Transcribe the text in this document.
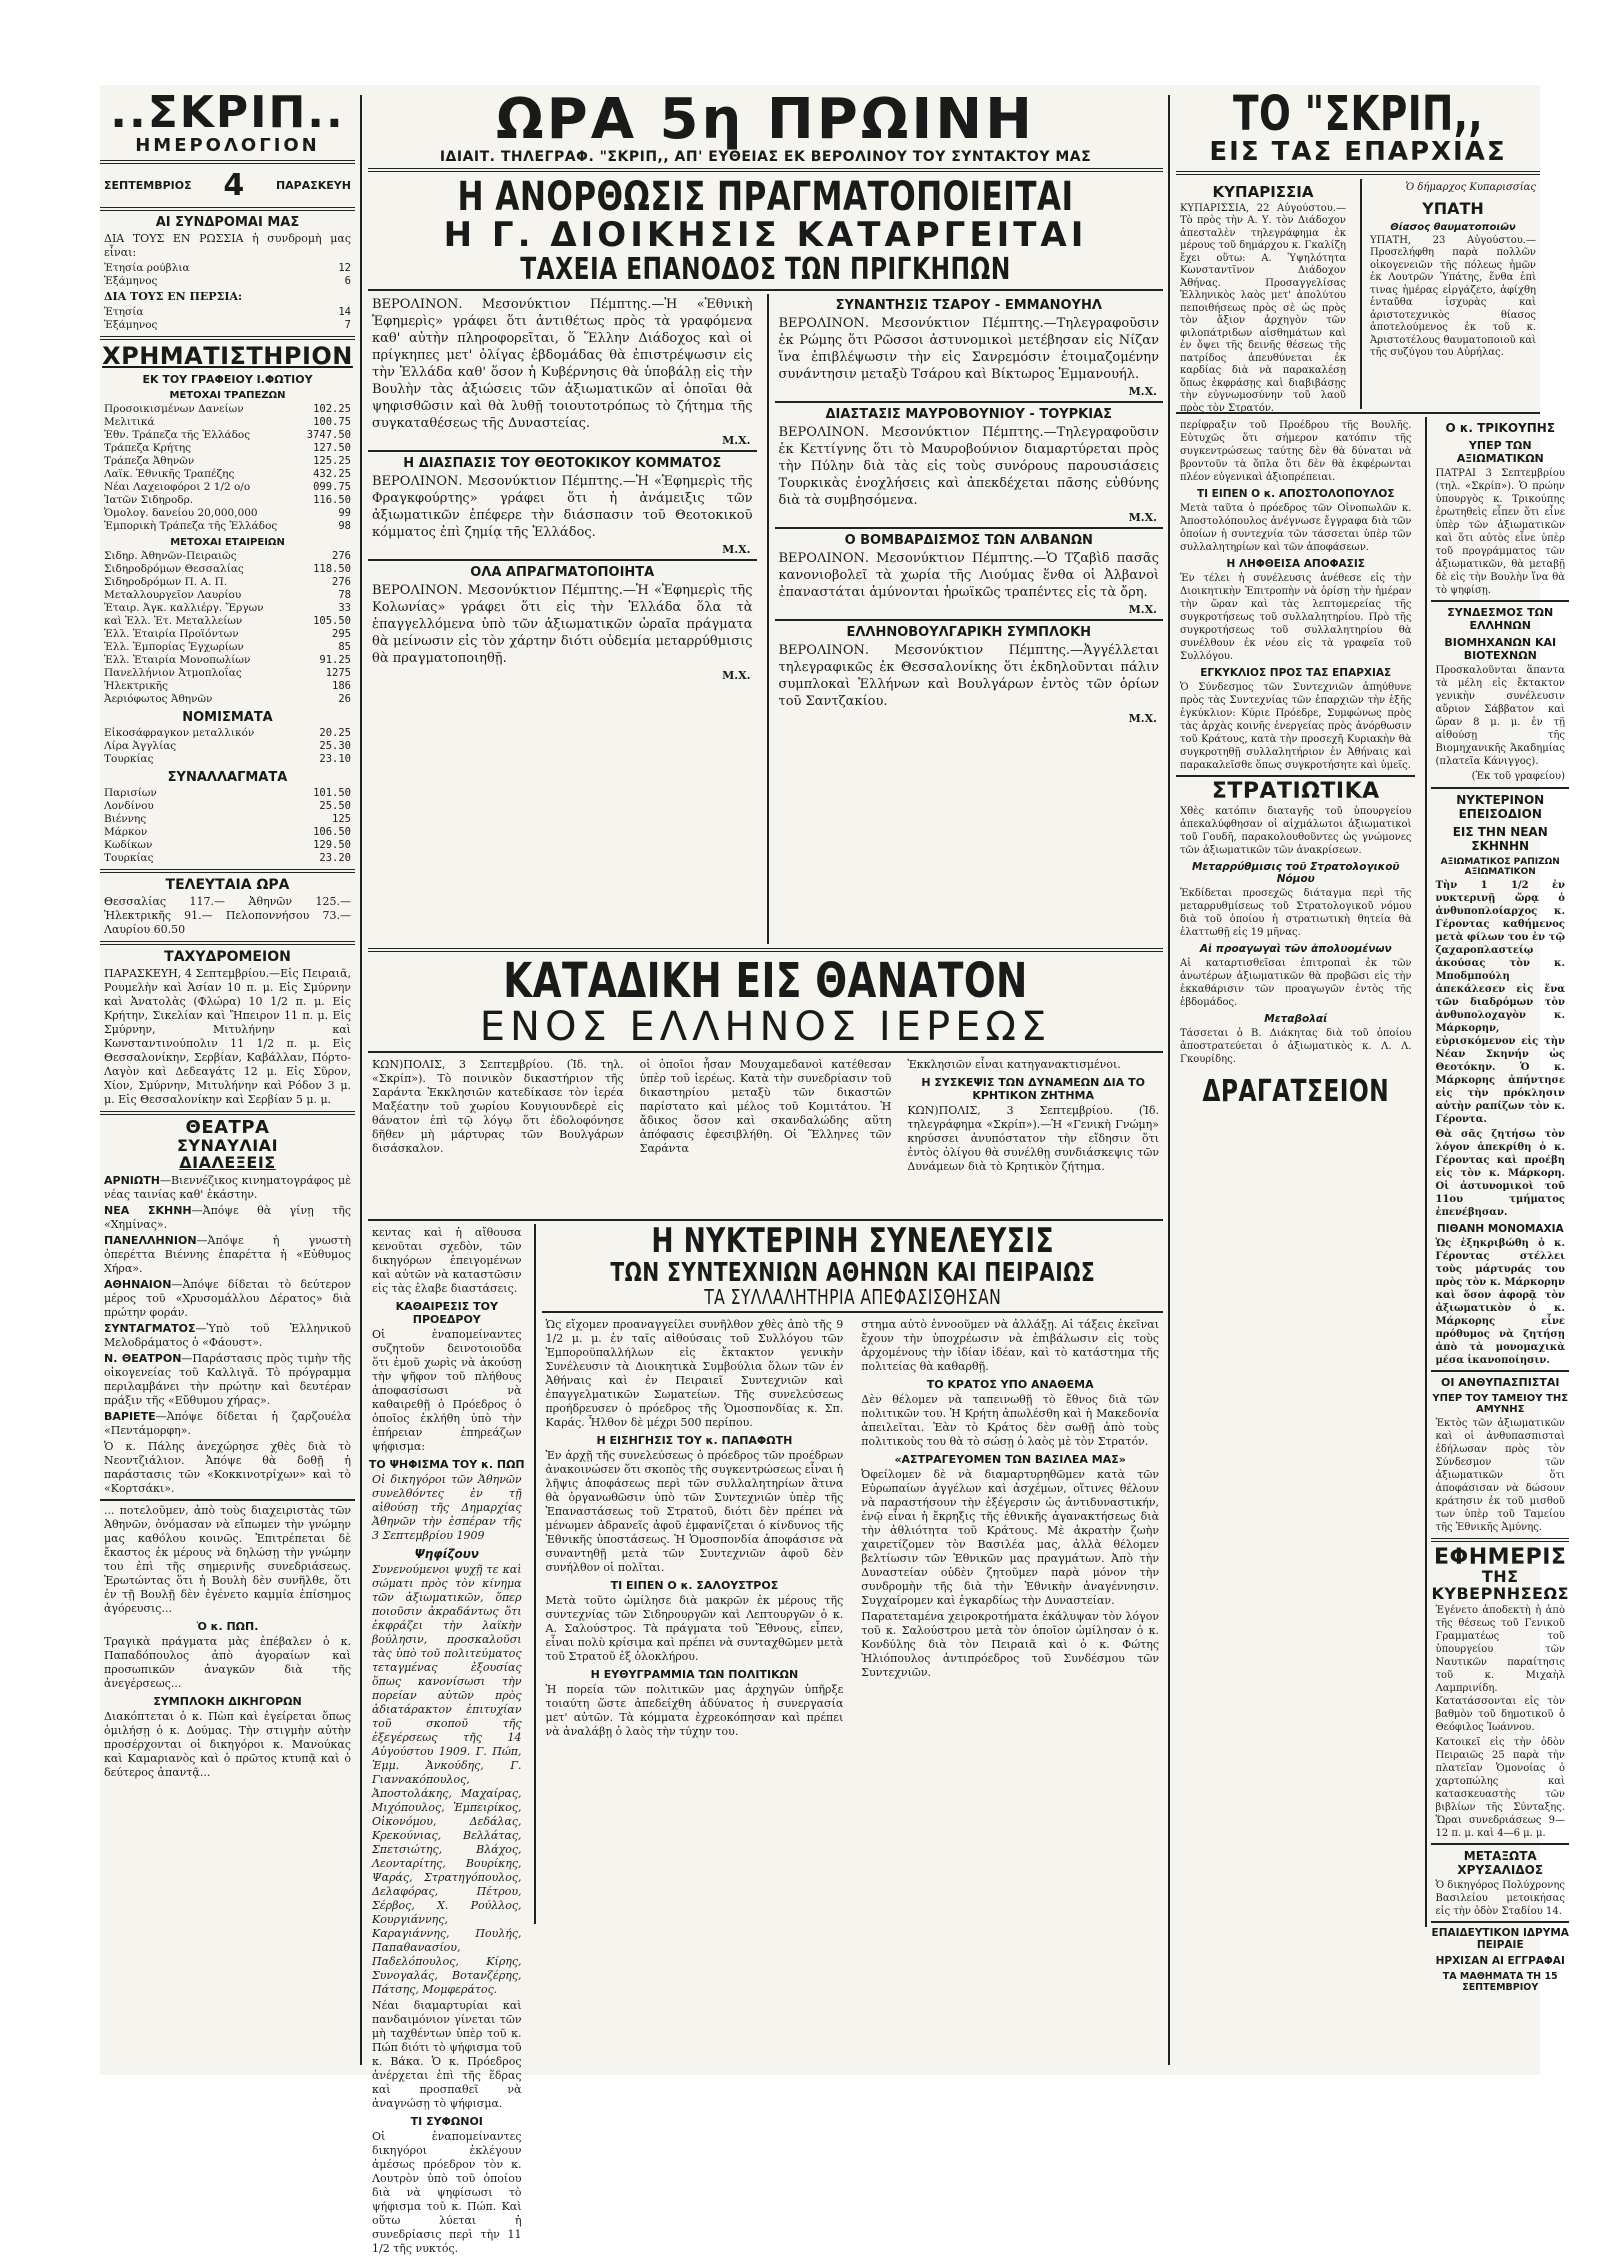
..ΣΚΡΙΠ..
ΗΜΕΡΟΛΟΓΙΟΝ
ΣΕΠΤΕΜΒΡΙΟΣ 4	ΠΑΡΑΣΚΕΥΗ
ΑΙ ΣΥΝΔΡΟΜΑΙ ΜΑΣ
ΔΙΑ ΤΟΥΣ ΕΝ ΡΩΣΣΙΑ ἡ συνδρομὴ μας εἶναι:
Ἐτησία ρούβλια	12
Ἑξάμηνος	6
ΔΙΑ ΤΟΥΣ ΕΝ ΠΕΡΣΙΑ:
Ἐτησία	14
Ἑξάμηνος	7
ΧΡΗΜΑΤΙΣΤΗΡΙΟΝ
ΕΚ ΤΟΥ ΓΡΑΦΕΙΟΥ Ι.ΦΩΤΙΟΥ
ΜΕΤΟΧΑΙ ΤΡΑΠΕΖΩΝ
Προσοικισμένων Δανείων	102.25
Μελιτικά	100.75
Ἐθν. Τράπεζα τῆς Ἑλλάδος	3747.50
Τράπεζα Κρήτης	127.50
Τράπεζα Ἀθηνῶν	125.25
Λαϊκ. Ἐθνικῆς Τραπέζης	432.25
Νέαι Λαχειοφόροι 2 1/2 ο/ο	099.75
Ἰατῶν Σιδηροδρ.	116.50
Ὁμολογ. δανείου 20,000,000	99
Ἐμπορικὴ Τράπεζα τῆς Ἑλλάδος	98
ΜΕΤΟΧΑΙ ΕΤΑΙΡΕΙΩΝ
Σιδηρ. Ἀθηνῶν-Πειραιῶς	276
Σιδηροδρόμων Θεσσαλίας	118.50
Σιδηροδρόμων Π. Α. Π.	276
Μεταλλουργεῖον Λαυρίου	78
Ἐταιρ. Ἀγκ. καλλιέργ. Ἔργων	33
καὶ Ἑλλ. Ἐτ. Μεταλλείων	105.50
Ἑλλ. Ἑταιρία Προϊόντων	295
Ἑλλ. Ἐμπορίας Ἐγχωρίων	85
Ἑλλ. Ἑταιρία Μονοπωλίων	91.25
Πανελλήνιον Ἀτμοπλοΐας	1275
Ἠλεκτρικῆς	186
Ἀεριόφωτος Ἀθηνῶν	26
ΝΟΜΙΣΜΑΤΑ
Εἰκοσάφραγκον μεταλλικόν	20.25
Λίρα Ἀγγλίας	25.30
Τουρκίας	23.10
ΣΥΝΑΛΛΑΓΜΑΤΑ
Παρισίων	101.50
Λονδίνου	25.50
Βιέννης	125
Μάρκον	106.50
Κωδίκων	129.50
Τουρκίας	23.20
ΤΕΛΕΥΤΑΙΑ ΩΡΑ
Θεσσαλίας 117.— Ἀθηνῶν 125.— Ἠλεκτρικῆς 91.— Πελοποννήσου 73.— Λαυρίου 60.50
ΤΑΧΥΔΡΟΜΕΙΟΝ
ΠΑΡΑΣΚΕΥΗ, 4 Σεπτεμβρίου.—Εἰς Πειραιᾶ, Ρουμελὴν καὶ Ἀσίαν 10 π. μ. Εἰς Σμύρνην καὶ Ἀνατολὰς (Φλώρα) 10 1/2 π. μ. Εἰς Κρήτην, Σικελίαν καὶ Ἤπειρον 11 π. μ. Εἰς Σμύρνην, Μιτυλήνην καὶ Κωνσταντινούπολιν 11 1/2 π. μ. Εἰς Θεσσαλονίκην, Σερβίαν, Καβάλλαν, Πόρτο-Λαγὸν καὶ Δεδεαγάτς 12 μ. Εἰς Σῦρον, Χίον, Σμύρνην, Μιτυλήνην καὶ Ρόδον 3 μ. μ. Εἰς Θεσσαλονίκην καὶ Σερβίαν 5 μ. μ.
ΘΕΑΤΡΑ
ΣΥΝΑΥΛΙΑΙ
ΔΙΑΛΕΞΕΙΣ

ΑΡΝΙΩΤΗ—Βιεννέζικος κινηματογράφος μὲ νέας ταινίας καθ' ἑκάστην.

ΝΕΑ ΣΚΗΝΗ—Ἀπόψε θὰ γίνῃ τῆς «Χημίνας».

ΠΑΝΕΛΛΗΝΙΟΝ—Ἀπόψε ἡ γνωστὴ ὀπερέττα Βιέννης ἐπαρέττα ἡ «Εὐθυμος Χήρα».

ΑΘΗΝΑΙΟΝ—Ἀπόψε δίδεται τὸ δεύτερον μέρος τοῦ «Χρυσομάλλου Δέρατος» διὰ πρώτην φοράν.

ΣΥΝΤΑΓΜΑΤΟΣ—Ὑπὸ τοῦ Ἑλληνικοῦ Μελοδράματος ὁ «Φάουστ».

Ν. ΘΕΑΤΡΟΝ—Παράστασις πρὸς τιμὴν τῆς οἰκογενείας τοῦ Καλλιγᾶ. Τὸ πρόγραμμα περιλαμβάνει τὴν πρώτην καὶ δευτέραν πράξιν τῆς «Εὔθυμου χήρας».

ΒΑΡΙΕΤΕ—Ἀπόψε δίδεται ἡ ζαρζουέλα «Πεντάμορφη».

Ὁ κ. Πάλης ἀνεχώρησε χθὲς διὰ τὸ Νεοντζιάλιον. Ἀπόψε θὰ δοθῇ ἡ παράστασις τῶν «Κοκκινοτρίχων» καὶ τὸ «Κορτσάκι».
... ποτελοῦμεν, ἀπὸ τοὺς διαχειριστὰς τῶν Ἀθηνῶν, ὀνόμασαν νὰ εἴπωμεν τὴν γνώμην μας καθόλου κοινῶς. Ἐπιτρέπεται δὲ ἔκαστος ἐκ μέρους νὰ δηλώσῃ τὴν γνώμην του ἐπὶ τῆς σημερινῆς συνεδριάσεως. Ἐρωτώντας ὅτι ἡ Βουλὴ δὲν συνῆλθε, ὅτι ἐν τῇ Βουλῇ δὲν ἐγένετο καμμία ἐπίσημος ἀγόρευσις...
Ὁ κ. ΠΩΠ.
Τραγικὰ πράγματα μὰς ἐπέβαλεν ὁ κ. Παπαδόπουλος ἀπὸ ἀγοραίων καὶ προσωπικῶν ἀναγκῶν διὰ τῆς ἀνεγέρσεως...
ΣΥΜΠΛΟΚΗ ΔΙΚΗΓΟΡΩΝ
Διακόπτεται ὁ κ. Πὼπ καὶ ἐγείρεται ὅπως ὁμιλήσῃ ὁ κ. Δούμας. Τὴν στιγμὴν αὐτὴν προσέρχονται οἱ δικηγόροι κ. Μανούκας καὶ Καμαριανὸς καὶ ὁ πρῶτος κτυπᾷ καὶ ὁ δεύτερος ἀπαντᾷ...
ΩΡΑ 5η ΠΡΩΙΝΗ
ΙΔΙΑΙΤ. ΤΗΛΕΓΡΑΦ. "ΣΚΡΙΠ,, ΑΠ' ΕΥΘΕΙΑΣ ΕΚ ΒΕΡΟΛΙΝΟΥ ΤΟΥ ΣΥΝΤΑΚΤΟΥ ΜΑΣ
Η ΑΝΟΡΘΩΣΙΣ ΠΡΑΓΜΑΤΟΠΟΙΕΙΤΑΙ
Η Γ. ΔΙΟΙΚΗΣΙΣ ΚΑΤΑΡΓΕΙΤΑΙ
ΤΑΧΕΙΑ ΕΠΑΝΟΔΟΣ ΤΩΝ ΠΡΙΓΚΗΠΩΝ
ΒΕΡΟΛΙΝΟΝ. Μεσονύκτιον Πέμπτης.—Ἡ «Ἐθνικὴ Ἐφημερὶς» γράφει ὅτι ἀντιθέτως πρὸς τὰ γραφόμενα καθ' αὐτὴν πληροφορεῖται, ὅ Ἕλλην Διάδοχος καὶ οἱ πρίγκηπες μετ' ὀλίγας ἑβδομάδας θὰ ἐπιστρέψωσιν εἰς τὴν Ἑλλάδα καθ' ὅσον ἡ Κυβέρνησις θὰ ὑποβάλῃ εἰς τὴν Βουλὴν τὰς ἀξιώσεις τῶν ἀξιωματικῶν αἱ ὁποῖαι θὰ ψηφισθῶσιν καὶ θὰ λυθῇ τοιουτοτρόπως τὸ ζήτημα τῆς συγκαταθέσεως τῆς Δυναστείας.
Μ.Χ.
Η ΔΙΑΣΠΑΣΙΣ ΤΟΥ ΘΕΟΤΟΚΙΚΟΥ ΚΟΜΜΑΤΟΣ
ΒΕΡΟΛΙΝΟΝ. Μεσονύκτιον Πέμπτης.—Ἡ «Ἐφημερὶς τῆς Φραγκφούρτης» γράφει ὅτι ἡ ἀνάμειξις τῶν ἀξιωματικῶν ἐπέφερε τὴν διάσπασιν τοῦ Θεοτοκικοῦ κόμματος ἐπὶ ζημίᾳ τῆς Ἑλλάδος.
Μ.Χ.
ΟΛΑ ΑΠΡΑΓΜΑΤΟΠΟΙΗΤΑ
ΒΕΡΟΛΙΝΟΝ. Μεσονύκτιον Πέμπτης.—Ἡ «Ἐφημερὶς τῆς Κολωνίας» γράφει ὅτι εἰς τὴν Ἑλλάδα ὅλα τὰ ἐπαγγελλόμενα ὑπὸ τῶν ἀξιωματικῶν ὡραῖα πράγματα θὰ μείνωσιν εἰς τὸν χάρτην διότι οὐδεμία μεταρρύθμισις θὰ πραγματοποιηθῇ.
Μ.Χ.
ΣΥΝΑΝΤΗΣΙΣ ΤΣΑΡΟΥ - ΕΜΜΑΝΟΥΗΛ
ΒΕΡΟΛΙΝΟΝ. Μεσονύκτιον Πέμπτης.—Τηλεγραφοῦσιν ἐκ Ρώμης ὅτι Ρῶσσοι ἀστυνομικοὶ μετέβησαν εἰς Νίζαν ἵνα ἐπιβλέψωσιν τὴν εἰς Σανρεμόσιν ἑτοιμαζομένην συνάντησιν μεταξὺ Τσάρου καὶ Βίκτωρος Ἐμμανουήλ.
Μ.Χ.
ΔΙΑΣΤΑΣΙΣ ΜΑΥΡΟΒΟΥΝΙΟΥ - ΤΟΥΡΚΙΑΣ
ΒΕΡΟΛΙΝΟΝ. Μεσονύκτιον Πέμπτης.—Τηλεγραφοῦσιν ἐκ Κεττίγνης ὅτι τὸ Μαυροβούνιον διαμαρτύρεται πρὸς τὴν Πύλην διὰ τὰς εἰς τοὺς συνόρους παρουσιάσεις Τουρκικὰς ἐνοχλήσεις καὶ ἀπεκδέχεται πᾶσης εὐθύνης διὰ τὰ συμβησόμενα.
Μ.Χ.
Ο ΒΟΜΒΑΡΔΙΣΜΟΣ ΤΩΝ ΑΛΒΑΝΩΝ
ΒΕΡΟΛΙΝΟΝ. Μεσονύκτιον Πέμπτης.—Ὁ Τζαβὶδ πασᾶς κανονιοβολεῖ τὰ χωρία τῆς Λιούμας ἕνθα οἱ Ἀλβανοὶ ἐπαναστάται ἀμύνονται ἡρωϊκῶς τραπέντες εἰς τὰ ὄρη.
Μ.Χ.
ΕΛΛΗΝΟΒΟΥΛΓΑΡΙΚΗ ΣΥΜΠΛΟΚΗ
ΒΕΡΟΛΙΝΟΝ. Μεσονύκτιον Πέμπτης.—Ἀγγέλλεται τηλεγραφικῶς ἐκ Θεσσαλονίκης ὅτι ἐκδηλοῦνται πάλιν συμπλοκαὶ Ἑλλήνων καὶ Βουλγάρων ἐντὸς τῶν ὁρίων τοῦ Σαντζακίου.
Μ.Χ.
ΚΑΤΑΔΙΚΗ ΕΙΣ ΘΑΝΑΤΟΝ
ΕΝΟΣ ΕΛΛΗΝΟΣ ΙΕΡΕΩΣ
ΚΩΝ)ΠΟΛΙΣ, 3 Σεπτεμβρίου. (Ἰδ. τηλ. «Σκρίπ»). Τὸ ποινικὸν δικαστήριον τῆς Σαράντα Ἐκκλησιῶν κατεδίκασε τὸν ἱερέα Μαξέατην τοῦ χωρίου Κουγιουνδερὲ εἰς θάνατον ἐπὶ τῷ λόγῳ ὅτι ἐδολοφόνησε δῆθεν μὴ μάρτυρας τῶν Βουλγάρων δισάσκαλον.
οἱ ὁποῖοι ἦσαν Μουχαμεδανοὶ κατέθεσαν ὑπὲρ τοῦ ἱερέως. Κατὰ τὴν συνεδρίασιν τοῦ δικαστηρίου μεταξὺ τῶν δικαστῶν παρίστατο καὶ μέλος τοῦ Κομιτάτου. Ἡ ἄδικος ὅσον καὶ σκανδαλώδης αὕτη ἀπόφασις ἐφεσιβλήθη. Οἱ Ἕλληνες τῶν Σαράντα
Ἐκκλησιῶν εἶναι κατηγανακτισμένοι.
Η ΣΥΣΚΕΨΙΣ ΤΩΝ ΔΥΝΑΜΕΩΝ ΔΙΑ ΤΟ ΚΡΗΤΙΚΟΝ ΖΗΤΗΜΑ
ΚΩΝ)ΠΟΛΙΣ, 3 Σεπτεμβρίου. (Ἰδ. τηλεγράφημα «Σκρίπ»).—Ἡ «Γενικὴ Γνώμη» κηρύσσει ἀνυπόστατον τὴν εἴδησιν ὅτι ἐντὸς ὀλίγου θὰ συνέλθῃ συνδιάσκεψις τῶν Δυνάμεων διὰ τὸ Κρητικὸν ζήτημα.
κεντας καὶ ἡ αἴθουσα κενοῦται σχεδὸν, τῶν δικηγόρων ἐπειγομένων καὶ αὐτῶν νὰ καταστῶσιν εἰς τὰς ἐλαβε διαστάσεις.
ΚΑΘΑΙΡΕΣΙΣ ΤΟΥ ΠΡΟΕΔΡΟΥ
Οἱ ἐναπομείναντες συζητοῦν δεινοτοιοῦδα ὅτι ἐμοῦ χωρὶς νὰ ἀκούσῃ τὴν ψῆφον τοῦ πλήθους ἀποφασίσωσι νὰ καθαιρεθῇ ὁ Πρόεδρος ὁ ὁποῖος ἐκλήθη ὑπὸ τὴν ἐπήρειαν ἐπηρεάζων ψήφισμα:
ΤΟ ΨΗΦΙΣΜΑ ΤΟΥ κ. ΠΩΠ
Οἱ δικηγόροι τῶν Ἀθηνῶν συνελθόντες ἐν τῇ αἰθούσῃ τῆς Δημαρχίας Ἀθηνῶν τὴν ἑσπέραν τῆς 3 Σεπτεμβρίου 1909
Ψηφίζουν
Συνενούμενοι ψυχῇ τε καὶ σώματι πρὸς τὸν κίνημα τῶν ἀξιωματικῶν, ὅπερ ποιοῦσιν ἀκραδάντως ὅτι ἐκφράζει τὴν λαϊκὴν βούλησιν, προσκαλοῦσι τὰς ὑπὸ τοῦ πολιτεύματος τεταγμένας ἐξουσίας ὅπως κανονίσωσι τὴν πορείαν αὐτῶν πρὸς ἀδιατάρακτον ἐπιτυχίαν τοῦ σκοποῦ τῆς ἐξεγέρσεως τῆς 14 Αὐγούστου 1909. Γ. Πώπ, Ἐμμ. Ἀνκούδης, Γ. Γιαννακόπουλος, Ἀποστολάκης, Μαχαίρας, Μιχόπουλος, Ἐμπειρίκος, Οἰκονόμου, Δεδάλας, Κρεκούνιας, Βελλάτας, Σπετσιώτης, Βλάχος, Λεονταρίτης, Βουρίκης, Ψαράς, Στρατηγόπουλος, Δελαφόρας, Πέτρου, Σέρβος, Χ. Ρούλλος, Κουργιάννης, Καραγιάννης, Πουλής, Παπαθανασίου, Παδελόπουλος, Κίρης, Συνογαλάς, Βοτανζέρης, Πάτσης, Μομφεράτος.
Νέαι διαμαρτυρίαι καὶ πανδαιμόνιον γίνεται τῶν μὴ ταχθέντων ὑπὲρ τοῦ κ. Πώπ διότι τὸ ψήφισμα τοῦ κ. Βάκα. Ὁ κ. Πρόεδρος ἀνέρχεται ἐπὶ τῆς ἕδρας καὶ προσπαθεῖ νὰ ἀναγνώσῃ τὸ ψήφισμα.
ΤΙ ΣΥΦΩΝΟΙ
Οἱ ἐναπομείναντες δικηγόροι ἐκλέγουν ἀμέσως πρόεδρον τὸν κ. Λουτρὸν ὑπὸ τοῦ ὁποίου διὰ νὰ ψηφίσωσι τὸ ψήφισμα τοῦ κ. Πώπ. Καὶ οὕτω λύεται ἡ συνεδρίασις περὶ τὴν 11 1/2 τῆς νυκτός.
Η ΝΥΚΤΕΡΙΝΗ ΣΥΝΕΛΕΥΣΙΣ
ΤΩΝ ΣΥΝΤΕΧΝΙΩΝ ΑΘΗΝΩΝ ΚΑΙ ΠΕΙΡΑΙΩΣ
ΤΑ ΣΥΛΛΑΛΗΤΗΡΙΑ ΑΠΕΦΑΣΙΣΘΗΣΑΝ
Ὡς εἴχομεν προαναγγείλει συνῆλθον χθὲς ἀπὸ τῆς 9 1/2 μ. μ. ἐν ταῖς αἰθούσαις τοῦ Συλλόγου τῶν Ἐμποροϋπαλλήλων εἰς ἔκτακτον γενικὴν Συνέλευσιν τὰ Διοικητικὰ Συμβούλια ὅλων τῶν ἐν Ἀθήναις καὶ ἐν Πειραιεῖ Συντεχνιῶν καὶ ἐπαγγελματικῶν Σωματείων. Τῆς συνελεύσεως προήδρευσεν ὁ πρόεδρος τῆς Ὁμοσπονδίας κ. Σπ. Καράς. Ἦλθον δὲ μέχρι 500 περίπου.
Η ΕΙΣΗΓΗΣΙΣ ΤΟΥ κ. ΠΑΠΑΦΩΤΗ
Ἐν ἀρχῇ τῆς συνελεύσεως ὁ πρόεδρος τῶν προέδρων ἀνακοινώσεν ὅτι σκοπὸς τῆς συγκεντρώσεως εἶναι ἡ λῆψις ἀποφάσεως περὶ τῶν συλλαλητηρίων ἃτινα θὰ ὀργανωθῶσιν ὑπὸ τῶν Συντεχνιῶν ὑπὲρ τῆς Ἐπαναστάσεως τοῦ Στρατοῦ, διότι δὲν πρέπει νὰ μένωμεν ἀδρανεῖς ἀφοῦ ἐμφανίζεται ὁ κίνδυνος τῆς Ἐθνικῆς ὑποστάσεως. Ἡ Ὁμοσπονδία ἀποφάσισε νὰ συναντηθῇ μετὰ τῶν Συντεχνιῶν ἀφοῦ δὲν συνήλθον οἱ πολῖται.
ΤΙ ΕΙΠΕΝ Ο κ. ΣΑΛΟΥΣΤΡΟΣ
Μετὰ τοῦτο ὡμίλησε διὰ μακρῶν ἐκ μέρους τῆς συντεχνίας τῶν Σιδηρουργῶν καὶ Λεπτουργῶν ὁ κ. Α. Σαλούστρος. Τὰ πράγματα τοῦ Ἔθνους, εἶπεν, εἶναι πολὺ κρίσιμα καὶ πρέπει νὰ συνταχθῶμεν μετὰ τοῦ Στρατοῦ ἐξ ὁλοκλήρου.
Η ΕΥΘΥΓΡΑΜΜΙΑ ΤΩΝ ΠΟΛΙΤΙΚΩΝ
Ἡ πορεία τῶν πολιτικῶν μας ἀρχηγῶν ὑπῆρξε τοιαύτη ὥστε ἀπεδείχθη ἀδύνατος ἡ συνεργασία μετ' αὐτῶν. Τὰ κόμματα ἐχρεοκόπησαν καὶ πρέπει νὰ ἀναλάβῃ ὁ λαὸς τὴν τύχην του.
στημα αὐτὸ ἐννοοῦμεν νὰ ἀλλάξῃ. Αἱ τάξεις ἐκεῖναι ἔχουν τὴν ὑποχρέωσιν νὰ ἐπιβάλωσιν εἰς τοὺς ἀρχομένους τὴν ἰδίαν ἰδέαν, καὶ τὸ κατάστημα τῆς πολιτείας θὰ καθαρθῇ.
ΤΟ ΚΡΑΤΟΣ ΥΠΟ ΑΝΑΘΕΜΑ
Δὲν θέλομεν νὰ ταπεινωθῇ τὸ ἔθνος διὰ τῶν πολιτικῶν του. Ἡ Κρήτη ἀπωλέσθη καὶ ἡ Μακεδονία ἀπειλεῖται. Ἐὰν τὸ Κράτος δὲν σωθῇ ἀπὸ τοὺς πολιτικοὺς του θὰ τὸ σώσῃ ὁ λαὸς μὲ τὸν Στρατόν.
«ΑΣΤΡΑΓΕΥΟΜΕΝ ΤΩΝ ΒΑΣΙΛΕΑ ΜΑΣ»
Ὀφείλομεν δὲ νὰ διαμαρτυρηθῶμεν κατὰ τῶν Εὐρωπαίων ἀγγέλων καὶ ἀσχέμων, οἵτινες θέλουν νὰ παραστήσουν τὴν ἐξέγερσιν ὡς ἀντιδυναστικήν, ἐνῷ εἶναι ἡ ἔκρηξις τῆς ἐθνικῆς ἀγανακτήσεως διὰ τὴν ἀθλιότητα τοῦ Κράτους. Μὲ ἀκρατὴν ζωὴν χαιρετίζομεν τὸν Βασιλέα μας, ἀλλὰ θέλομεν βελτίωσιν τῶν Ἐθνικῶν μας πραγμάτων. Ἀπὸ τὴν Δυναστείαν οὐδὲν ζητοῦμεν παρὰ μόνον τὴν συνδρομὴν τῆς διὰ τὴν Ἐθνικὴν ἀναγέννησιν. Συγχαίρομεν καὶ ἐγκαρδίως τὴν Δυναστείαν.
Παρατεταμένα χειροκροτήματα ἐκάλυψαν τὸν λόγον τοῦ κ. Σαλούστρου μετὰ τὸν ὁποῖον ὡμίλησαν ὁ κ. Κονδύλης διὰ τὸν Πειραιᾶ καὶ ὁ κ. Φώτης Ἠλιόπουλος ἀντιπρόεδρος τοῦ Συνδέσμου τῶν Συντεχνιῶν.
ΤΟ "ΣΚΡΙΠ,,
ΕΙΣ ΤΑΣ ΕΠΑΡΧΙΑΣ
ΚΥΠΑΡΙΣΣΙΑ
ΚΥΠΑΡΙΣΣΙΑ, 22 Αὐγούστου.—Τὸ πρὸς τὴν Α. Υ. τὸν Διάδοχον ἀπεσταλὲν τηλεγράφημα ἐκ μέρους τοῦ δημάρχου κ. Γκαλίζη ἔχει οὕτω: Α. Ὑψηλότητα Κωνσταντῖνον Διάδοχον Ἀθήνας. Προσαγγελίσας Ἑλληνικὸς λαὸς μετ' ἀπολύτου πεποιθήσεως πρὸς σὲ ὡς πρὸς τὸν ἄξιον ἀρχηγὸν τῶν φιλοπάτριδων αἰσθημάτων καὶ ἐν ὄψει τῆς δεινῆς θέσεως τῆς πατρίδος ἀπευθύνεται ἐκ καρδίας διὰ νὰ παρακαλέσῃ ὅπως ἐκφράσῃς καὶ διαβιβάσῃς τὴν εὐγνωμοσύνην τοῦ λαοῦ πρὸς τὸν Στρατόν.
Ὁ δήμαρχος Κυπαρισσίας
ΥΠΑΤΗ
Θίασος θαυματοποιῶν
ΥΠΑΤΗ, 23 Αὐγούστου.—Προσελήφθη παρὰ πολλῶν οἰκογενειῶν τῆς πόλεως ἡμῶν ἐκ Λουτρῶν Ὑπάτης, ἕνθα ἐπὶ τινας ἡμέρας εἰργάζετο, ἀφίχθη ἐνταῦθα ἰσχυρὰς καὶ ἀριστοτεχνικὸς θίασος ἀποτελούμενος ἐκ τοῦ κ. Ἀριστοτέλους θαυματοποιοῦ καὶ τῆς συζύγου του Αὐρήλας.
περίφραξιν τοῦ Προέδρου τῆς Βουλῆς. Εὐτυχῶς ὅτι σήμερον κατόπιν τῆς συγκεντρώσεως ταύτης δὲν θὰ δύναται νὰ βροντοῦν τὰ ὅπλα ὅτι δὲν θὰ ἐκφέρωνται πλέον εὐγενικαὶ ἀξιοπρέπειαι.
ΤΙ ΕΙΠΕΝ Ο κ. ΑΠΟΣΤΟΛΟΠΟΥΛΟΣ
Μετὰ ταῦτα ὁ πρόεδρος τῶν Οἰνοπωλῶν κ. Ἀποστολόπουλος ἀνέγνωσε ἔγγραφα διὰ τῶν ὁποίων ἡ συντεχνία τῶν τάσσεται ὑπὲρ τῶν συλλαλητηρίων καὶ τῶν ἀποφάσεων.
Η ΛΗΦΘΕΙΣΑ ΑΠΟΦΑΣΙΣ
Ἐν τέλει ἡ συνέλευσις ἀνέθεσε εἰς τὴν Διοικητικὴν Ἐπιτροπὴν νὰ ὁρίσῃ τὴν ἡμέραν τὴν ὥραν καὶ τὰς λεπτομερείας τῆς συγκροτήσεως τοῦ συλλαλητηρίου. Πρὸ τῆς συγκροτήσεως τοῦ συλλαλητηρίου θὰ συνέλθουν ἐκ νέου εἰς τὰ γραφεῖα τοῦ Συλλόγου.
ΕΓΚΥΚΛΙΟΣ ΠΡΟΣ ΤΑΣ ΕΠΑΡΧΙΑΣ
Ὁ Σύνδεσμος τῶν Συντεχνιῶν ἀπηύθυνε πρὸς τὰς Συντεχνίας τῶν ἐπαρχιῶν τὴν ἑξῆς ἐγκύκλιον: Κύριε Πρόεδρε, Συμφώνως πρὸς τὰς ἀρχὰς κοινῆς ἐνεργείας πρὸς ἀνόρθωσιν τοῦ Κράτους, κατὰ τὴν προσεχῆ Κυριακὴν θὰ συγκροτηθῇ συλλαλητήριον ἐν Ἀθήναις καὶ παρακαλεῖσθε ὅπως συγκροτήσητε καὶ ὑμεῖς.
ΣΤΡΑΤΙΩΤΙΚΑ
Χθὲς κατόπιν διαταγῆς τοῦ ὑπουργείου ἀπεκαλύφθησαν οἱ αἰχμάλωτοι ἀξιωματικοὶ τοῦ Γουδῆ, παρακολουθοῦντες ὡς γνώμονες τῶν ἀξιωματικῶν τῶν ἀνακρίσεων.
Μεταρρύθμισις τοῦ Στρατολογικοῦ Νόμου
Ἐκδίδεται προσεχῶς διάταγμα περὶ τῆς μεταρρυθμίσεως τοῦ Στρατολογικοῦ νόμου διὰ τοῦ ὁποίου ἡ στρατιωτικὴ θητεία θὰ ἐλαττωθῇ εἰς 19 μῆνας.
Αἱ προαγωγαὶ τῶν ἀπολυομένων
Αἱ καταρτισθεῖσαι ἐπιτροπαὶ ἐκ τῶν ἀνωτέρων ἀξιωματικῶν θὰ προβῶσι εἰς τὴν ἐκκαθάρισιν τῶν προαγωγῶν ἐντὸς τῆς ἑβδομάδος.
Μεταβολαί
Τάσσεται ὁ Β. Διάκητας διὰ τοῦ ὁποίου ἀποστρατεύεται ὁ ἀξιωματικὸς κ. Λ. Λ. Γκουρίδης.
ΔΡΑΓΑΤΣΕΙΟΝ
Ο κ. ΤΡΙΚΟΥΠΗΣ
ΥΠΕΡ ΤΩΝ ΑΞΙΩΜΑΤΙΚΩΝ
ΠΑΤΡΑΙ 3 Σεπτεμβρίου (τηλ. «Σκρίπ»). Ὁ πρώην ὑπουργὸς κ. Τρικούπης ἐρωτηθεὶς εἶπεν ὅτι εἶνε ὑπὲρ τῶν ἀξιωματικῶν καὶ ὅτι αὐτὸς εἶνε ὑπὲρ τοῦ προγράμματος τῶν ἀξιωματικῶν, θὰ μεταβῇ δὲ εἰς τὴν Βουλὴν ἵνα θὰ τὸ ψηφίσῃ.
ΣΥΝΔΕΣΜΟΣ ΤΩΝ ΕΛΛΗΝΩΝ
ΒΙΟΜΗΧΑΝΩΝ ΚΑΙ ΒΙΟΤΕΧΝΩΝ
Προσκαλοῦνται ἅπαντα τὰ μέλη εἰς ἔκτακτον γενικὴν συνέλευσιν αὔριον Σάββατον καὶ ὥραν 8 μ. μ. ἐν τῇ αἰθούσῃ τῆς Βιομηχανικῆς Ἀκαδημίας (πλατεῖα Κάνιγγος).
(Ἐκ τοῦ γραφείου)
ΝΥΚΤΕΡΙΝΟΝ ΕΠΕΙΣΟΔΙΟΝ
ΕΙΣ ΤΗΝ ΝΕΑΝ ΣΚΗΝΗΝ
ΑΞΙΩΜΑΤΙΚΟΣ ΡΑΠΙΖΩΝ ΑΞΙΩΜΑΤΙΚΟΝ
Τὴν 1 1/2 ἐν νυκτερινῇ ὥρᾳ ὁ ἀνθυποπλοίαρχος κ. Γέροντας καθήμενος μετὰ φίλων του ἐν τῷ ζαχαροπλαστείῳ ἀκούσας τὸν κ. Μποδμπούλη ἀπεκάλεσεν εἰς ἕνα τῶν διαδρόμων τὸν ἀνθυπολοχαγὸν κ. Μάρκορην, εὑρισκόμενον εἰς τὴν Νέαν Σκηνήν ὡς Θεοτόκην. Ὁ κ. Μάρκορης ἀπήντησε εἰς τὴν πρόκλησιν αὐτὴν ραπίζων τὸν κ. Γέροντα.
Θὰ σᾶς ζητήσω τὸν λόγον ἀπεκρίθη ὁ κ. Γέροντας καὶ προέβη εἰς τὸν κ. Μάρκορη. Οἱ ἀστυνομικοὶ τοῦ 11ου τμήματος ἐπενέβησαν.
ΠΙΘΑΝΗ ΜΟΝΟΜΑΧΙΑ
Ὡς ἐξηκριβώθη ὁ κ. Γέροντας στέλλει τοὺς μάρτυράς του πρὸς τὸν κ. Μάρκορην καὶ ὅσον ἀφορᾷ τὸν ἀξιωματικὸν ὁ κ. Μάρκορης εἶνε πρόθυμος νὰ ζητήσῃ ἀπὸ τὰ μονομαχικὰ μέσα ἱκανοποίησιν.
ΟΙ ΑΝΘΥΠΑΣΠΙΣΤΑΙ
ΥΠΕΡ ΤΟΥ ΤΑΜΕΙΟΥ ΤΗΣ ΑΜΥΝΗΣ
Ἐκτὸς τῶν ἀξιωματικῶν καὶ οἱ ἀνθυπασπισταὶ ἐδήλωσαν πρὸς τὸν Σύνδεσμον τῶν ἀξιωματικῶν ὅτι ἀποφάσισαν νὰ δώσουν κράτησιν ἐκ τοῦ μισθοῦ των ὑπὲρ τοῦ Ταμείου τῆς Ἐθνικῆς Ἀμύνης.
ΕΦΗΜΕΡΙΣ
ΤΗΣ ΚΥΒΕΡΝΗΣΕΩΣ
Ἐγένετο ἀποδεκτὴ ἡ ἀπὸ τῆς θέσεως τοῦ Γενικοῦ Γραμματέως τοῦ ὑπουργείου τῶν Ναυτικῶν παραίτησις τοῦ κ. Μιχαὴλ Λαμπρινίδη. Κατατάσσονται εἰς τὸν βαθμὸν τοῦ δημοτικοῦ ὁ Θεόφιλος Ἰωάννου.
Κατοικεῖ εἰς τὴν ὁδὸν Πειραιῶς 25 παρὰ τὴν πλατεῖαν Ὁμονοίας ὁ χαρτοπώλης καὶ κατασκευαστὴς τῶν βιβλίων τῆς Σύνταξης. Ὥραι συνεδριάσεως 9—12 π. μ. καὶ 4—6 μ. μ.
ΜΕΤΑΞΩΤΑ ΧΡΥΣΑΛΙΔΟΣ
Ὁ δικηγόρος Πολύχρονης Βασιλείου μετοικήσας εἰς τὴν ὁδὸν Σταδίου 14.
ΕΠΑΙΔΕΥΤΙΚΟΝ ΙΔΡΥΜΑ ΠΕΙΡΑΙΕ
ΗΡΧΙΣΑΝ ΑΙ ΕΓΓΡΑΦΑΙ
ΤΑ ΜΑΘΗΜΑΤΑ ΤΗ 15 ΣΕΠΤΕΜΒΡΙΟΥ
